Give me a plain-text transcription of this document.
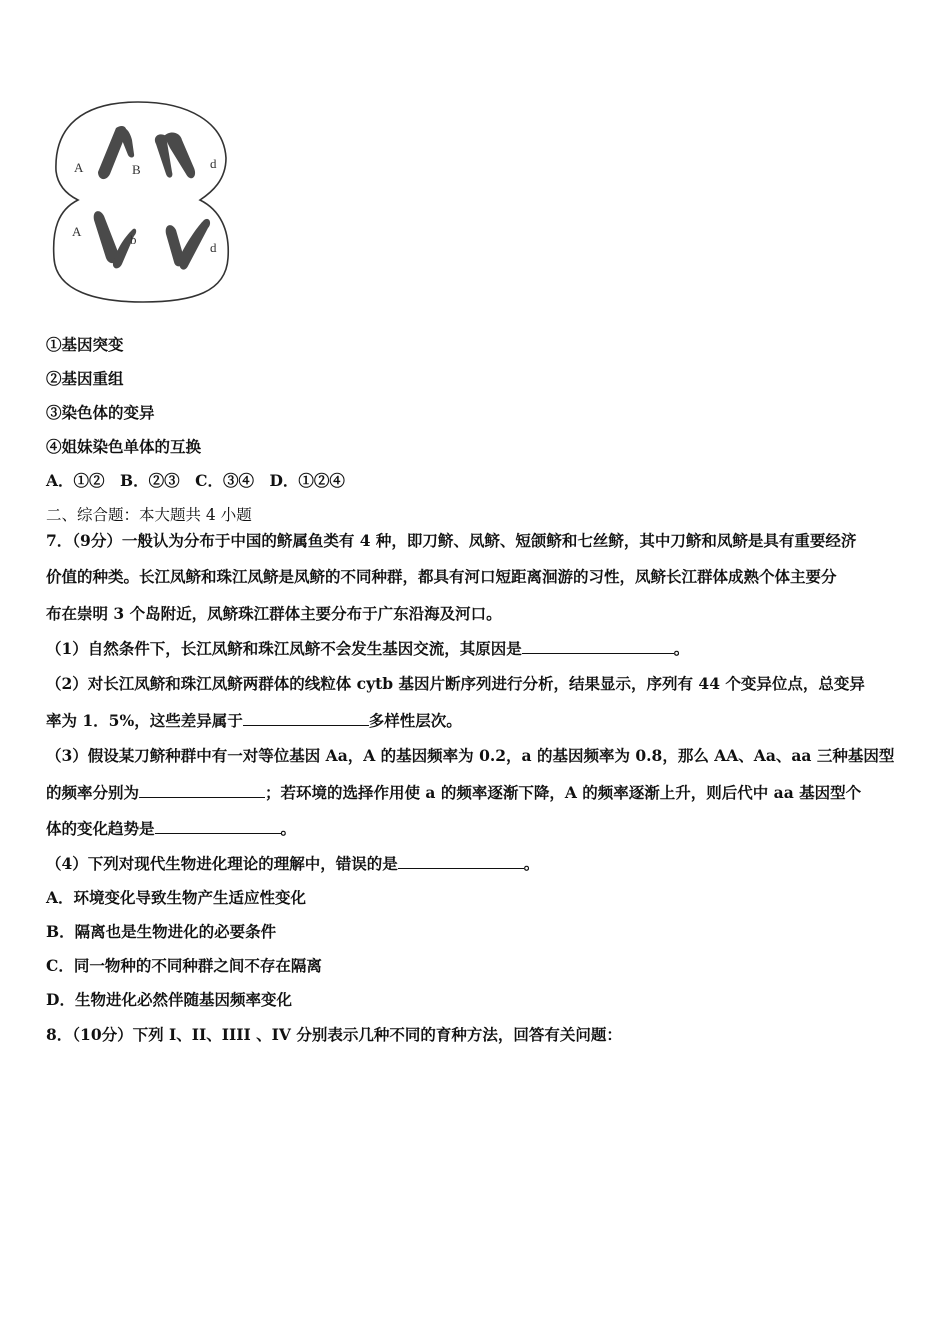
A	B	d
A
b
d
①基因突变
②基因重组
③染色体的变异
④姐妹染色单体的互换
A．①②　B．②③　C．③④　D．①②④
二、综合题：本大题共 4 小题
7．（9分）一般认为分布于中国的鲚属鱼类有 4 种，即刀鲚、凤鲚、短颌鲚和七丝鲚，其中刀鲚和凤鲚是具有重要经济
价值的种类。长江凤鲚和珠江凤鲚是凤鲚的不同种群，都具有河口短距离洄游的习性，凤鲚长江群体成熟个体主要分
布在崇明 3 个岛附近，凤鲚珠江群体主要分布于广东沿海及河口。
（1）自然条件下，长江凤鲚和珠江凤鲚不会发生基因交流，其原因是	。
（2）对长江凤鲚和珠江凤鲚两群体的线粒体 cytb 基因片断序列进行分析，结果显示，序列有 44 个变异位点，总变异
率为 1．5%，这些差异属于	多样性层次。
（3）假设某刀鲚种群中有一对等位基因 Aa，A 的基因频率为 0.2，a 的基因频率为 0.8，那么 AA、Aa、aa 三种基因型
的频率分别为	；若环境的选择作用使 a 的频率逐渐下降，A 的频率逐渐上升，则后代中 aa 基因型个
体的变化趋势是	。
（4）下列对现代生物进化理论的理解中，错误的是	。
A．环境变化导致生物产生适应性变化
B．隔离也是生物进化的必要条件
C．同一物种的不同种群之间不存在隔离
D．生物进化必然伴随基因频率变化
8．（10分）下列 I、II、IIII 、IV 分别表示几种不同的育种方法，回答有关问题：
